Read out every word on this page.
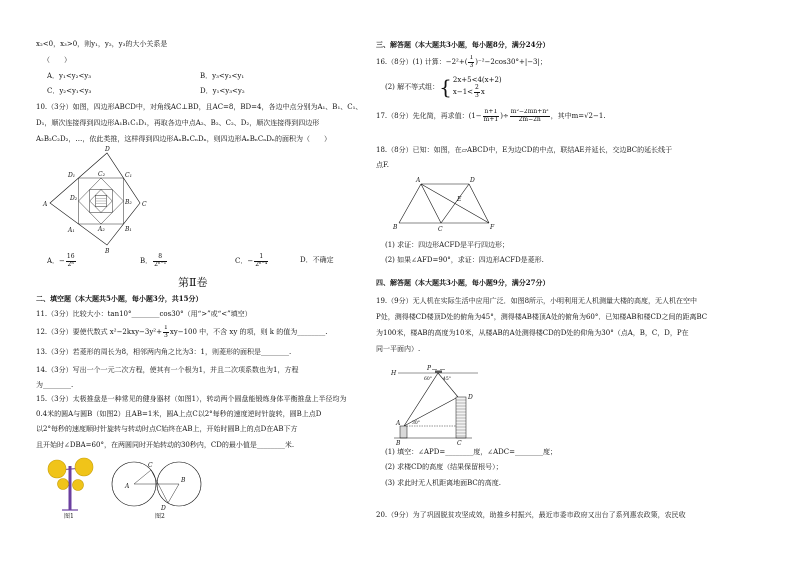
x₂<0，x₃>0，则y₁，y₂，y₃的大小关系是
（　　）
A．y₁<y₂<y₃	B．y₃<y₂<y₁
C．y₂<y₁<y₃	D．y₁<y₃<y₂
10.（3分）如图，四边形ABCD中，对角线AC⊥BD，且AC=8，BD=4，各边中点分别为A₁、B₁、C₁、
D₁，顺次连接得到四边形A₁B₁C₁D₁，再取各边中点A₂、B₂、C₂、D₂，顺次连接得到四边形
A₂B₂C₂D₂，…，依此类推，这样得到四边形AₙBₙCₙDₙ，则四边形AₙBₙCₙDₙ的面积为（　　）
D
A	C
B
D₁	C₁
A₁	B₁
C₂
B₂
A₂
D₂
A．− $\frac{16}{\text{2ⁿ}}$	B． $\frac{8}{\text{2ⁿ⁻¹}}$	C．− $\frac{1}{\text{2ⁿ⁻⁴}}$	D．不确定
第Ⅱ卷
二、填空题（本大题共5小题，每小题3分，共15分）
11.（3分）比较大小：tan10°________cos30°（用“>”或“<”填空）
12.（3分）要使代数式 $x^2-2kxy-3y^2+ \frac{1}{3} xy-100$ 中，不含 xy 的项，则 k 的值为________.
13.（3分）若菱形的周长为8，相邻两内角之比为3：1，则菱形的面积是________.
14.（3分）写出一个一元二次方程，使其有一个根为1，并且二次项系数也为1，方程
为________.
15.（3分）太极推盘是一种常见的健身器材（如图1），转动两个圆盘能锻炼身体平衡推盘上半径均为
0.4米的圆A与圆B（如图2）且AB=1米，圆A上点C以2°每秒的速度逆时针旋转，圆B上点D
以2°每秒的速度顺时针旋转与转动时点C始终在AB上，开始时圆B上的点D在AB下方
且开始时∠DBA=60°，在两圆同时开始转动的30秒内，CD的最小值是________米.
A
B
C
D
图1	图2
三、解答题（本大题共3小题，每小题8分，满分24分）
16.（8分）(1) 计算：$-2^2+( \frac{1}{3} )^{-2}-2\cos 30^\circ+|-3|$；
(2) 解不等式组： { 2x+5<4(x+2)
$x-1< \frac{2}{3}$ x
17.（8分）先化简，再求值：($1- \frac{n+1}{m+1}$ )÷ $\frac{\text{m²−2mn+n²}}{2m-2n}$ ，其中m=√2−1.
18.（8分）已知：如图，在▱ABCD中，E为边CD的中点，联结AE并延长，交边BC的延长线于
点F.
A	D
B	C
E
F
(1) 求证：四边形ACFD是平行四边形；
(2) 如果∠AFD=90°，求证：四边形ACFD是菱形.
四、解答题（本大题共3小题，每小题9分，满分27分）
19.（9分）无人机在实际生活中应用广泛．如图8所示，小明利用无人机测量大楼的高度，无人机在空中
P处，测得楼CD楼顶D处的俯角为45°，测得楼AB楼顶A处的俯角为60°．已知楼AB和楼CD之间的距离BC
为100米，楼AB的高度为10米，从楼AB的A处测得楼CD的D处的仰角为30°（点A，B，C，D，P在
同一平面内）.
H
P
60° 45°
A	30°
B	C
D
(1) 填空：∠APD=________度，∠ADC=________度；
(2) 求楼CD的高度（结果保留根号）；
(3) 求此时无人机距离地面BC的高度.
20.（9分）为了巩固脱贫攻坚成效，助推乡村振兴，最近市委市政府又出台了系列惠农政策，农民收
